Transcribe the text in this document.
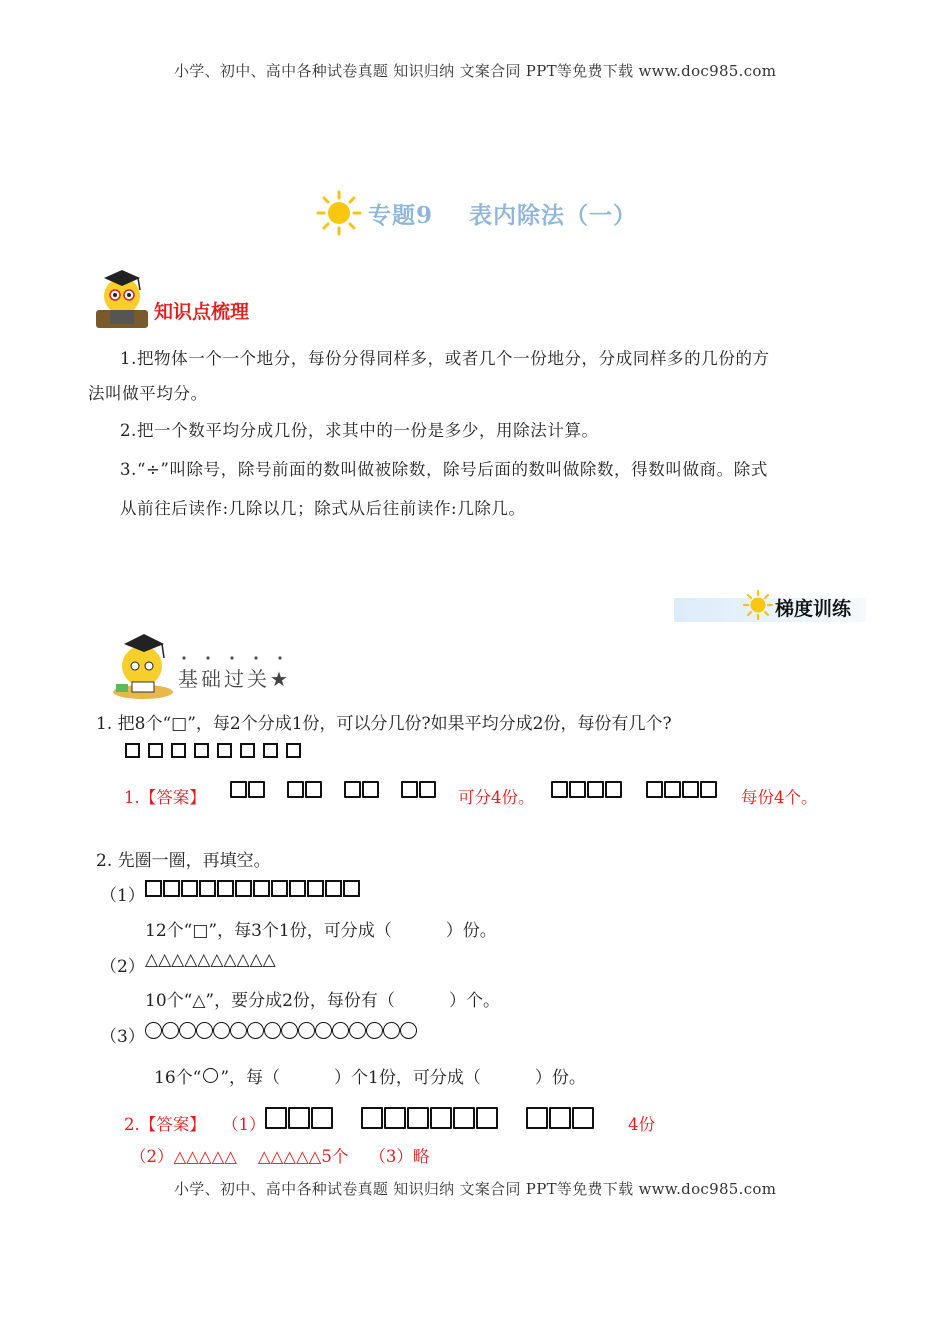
小学、初中、高中各种试卷真题 知识归纳 文案合同 PPT等免费下载 www.doc985.com
专题9    表内除法（一）
知识点梳理
1.把物体一个一个地分，每份分得同样多，或者几个一份地分，分成同样多的几份的方
法叫做平均分。
2.把一个数平均分成几份，求其中的一份是多少，用除法计算。
3.“÷”叫除号，除号前面的数叫做被除数，除号后面的数叫做除数，得数叫做商。除式
从前往后读作:几除以几；除式从后往前读作:几除几。
梯度训练
基础过关★
1. 把8个“□”，每2个分成1份，可以分几份?如果平均分成2份，每份有几个?
1.【答案】	可分4份。	每份4个。
2. 先圈一圈，再填空。
（1）
12个“□”，每3个1份，可分成（          ）份。
（2） △△△△△△△△△△
10个“△”，要分成2份，每份有（          ）个。
（3）
16个“ ”，每（          ）个1份，可分成（          ）份。
2.【答案】 （1）	4份
（2）△△△△△    △△△△△5个    （3）略
小学、初中、高中各种试卷真题 知识归纳 文案合同 PPT等免费下载 www.doc985.com
